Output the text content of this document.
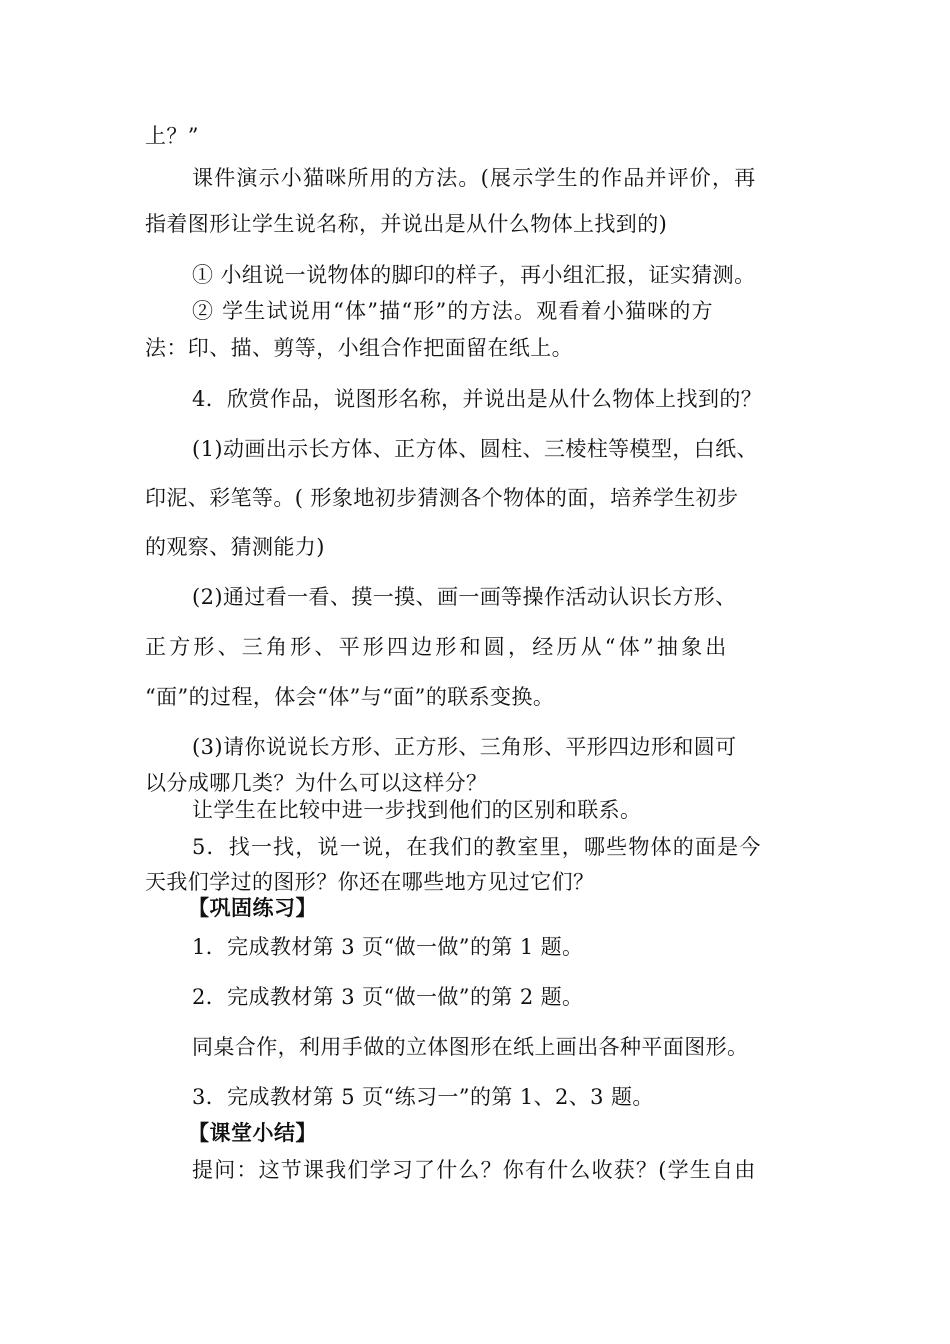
上？”
课件演示小猫咪所用的方法。(展示学生的作品并评价，再
指着图形让学生说名称，并说出是从什么物体上找到的)
① 小组说一说物体的脚印的样子，再小组汇报，证实猜测。
② 学生试说用“体”描“形”的方法。观看着小猫咪的方
法：印、描、剪等，小组合作把面留在纸上。
4．欣赏作品，说图形名称，并说出是从什么物体上找到的？
(1)动画出示长方体、正方体、圆柱、三棱柱等模型，白纸、
印泥、彩笔等。( 形象地初步猜测各个物体的面，培养学生初步
的观察、猜测能力)
(2)通过看一看、摸一摸、画一画等操作活动认识长方形、
正方形、三角形、平形四边形和圆，经历从“体”抽象出
“面”的过程，体会“体”与“面”的联系变换。
(3)请你说说长方形、正方形、三角形、平形四边形和圆可
以分成哪几类？为什么可以这样分？
让学生在比较中进一步找到他们的区别和联系。
5．找一找，说一说，在我们的教室里，哪些物体的面是今
天我们学过的图形？你还在哪些地方见过它们？
【巩固练习】
1．完成教材第 3 页“做一做”的第 1 题。
2．完成教材第 3 页“做一做”的第 2 题。
同桌合作，利用手做的立体图形在纸上画出各种平面图形。
3．完成教材第 5 页“练习一”的第 1、2、3 题。
【课堂小结】
提问：这节课我们学习了什么？你有什么收获？(学生自由
